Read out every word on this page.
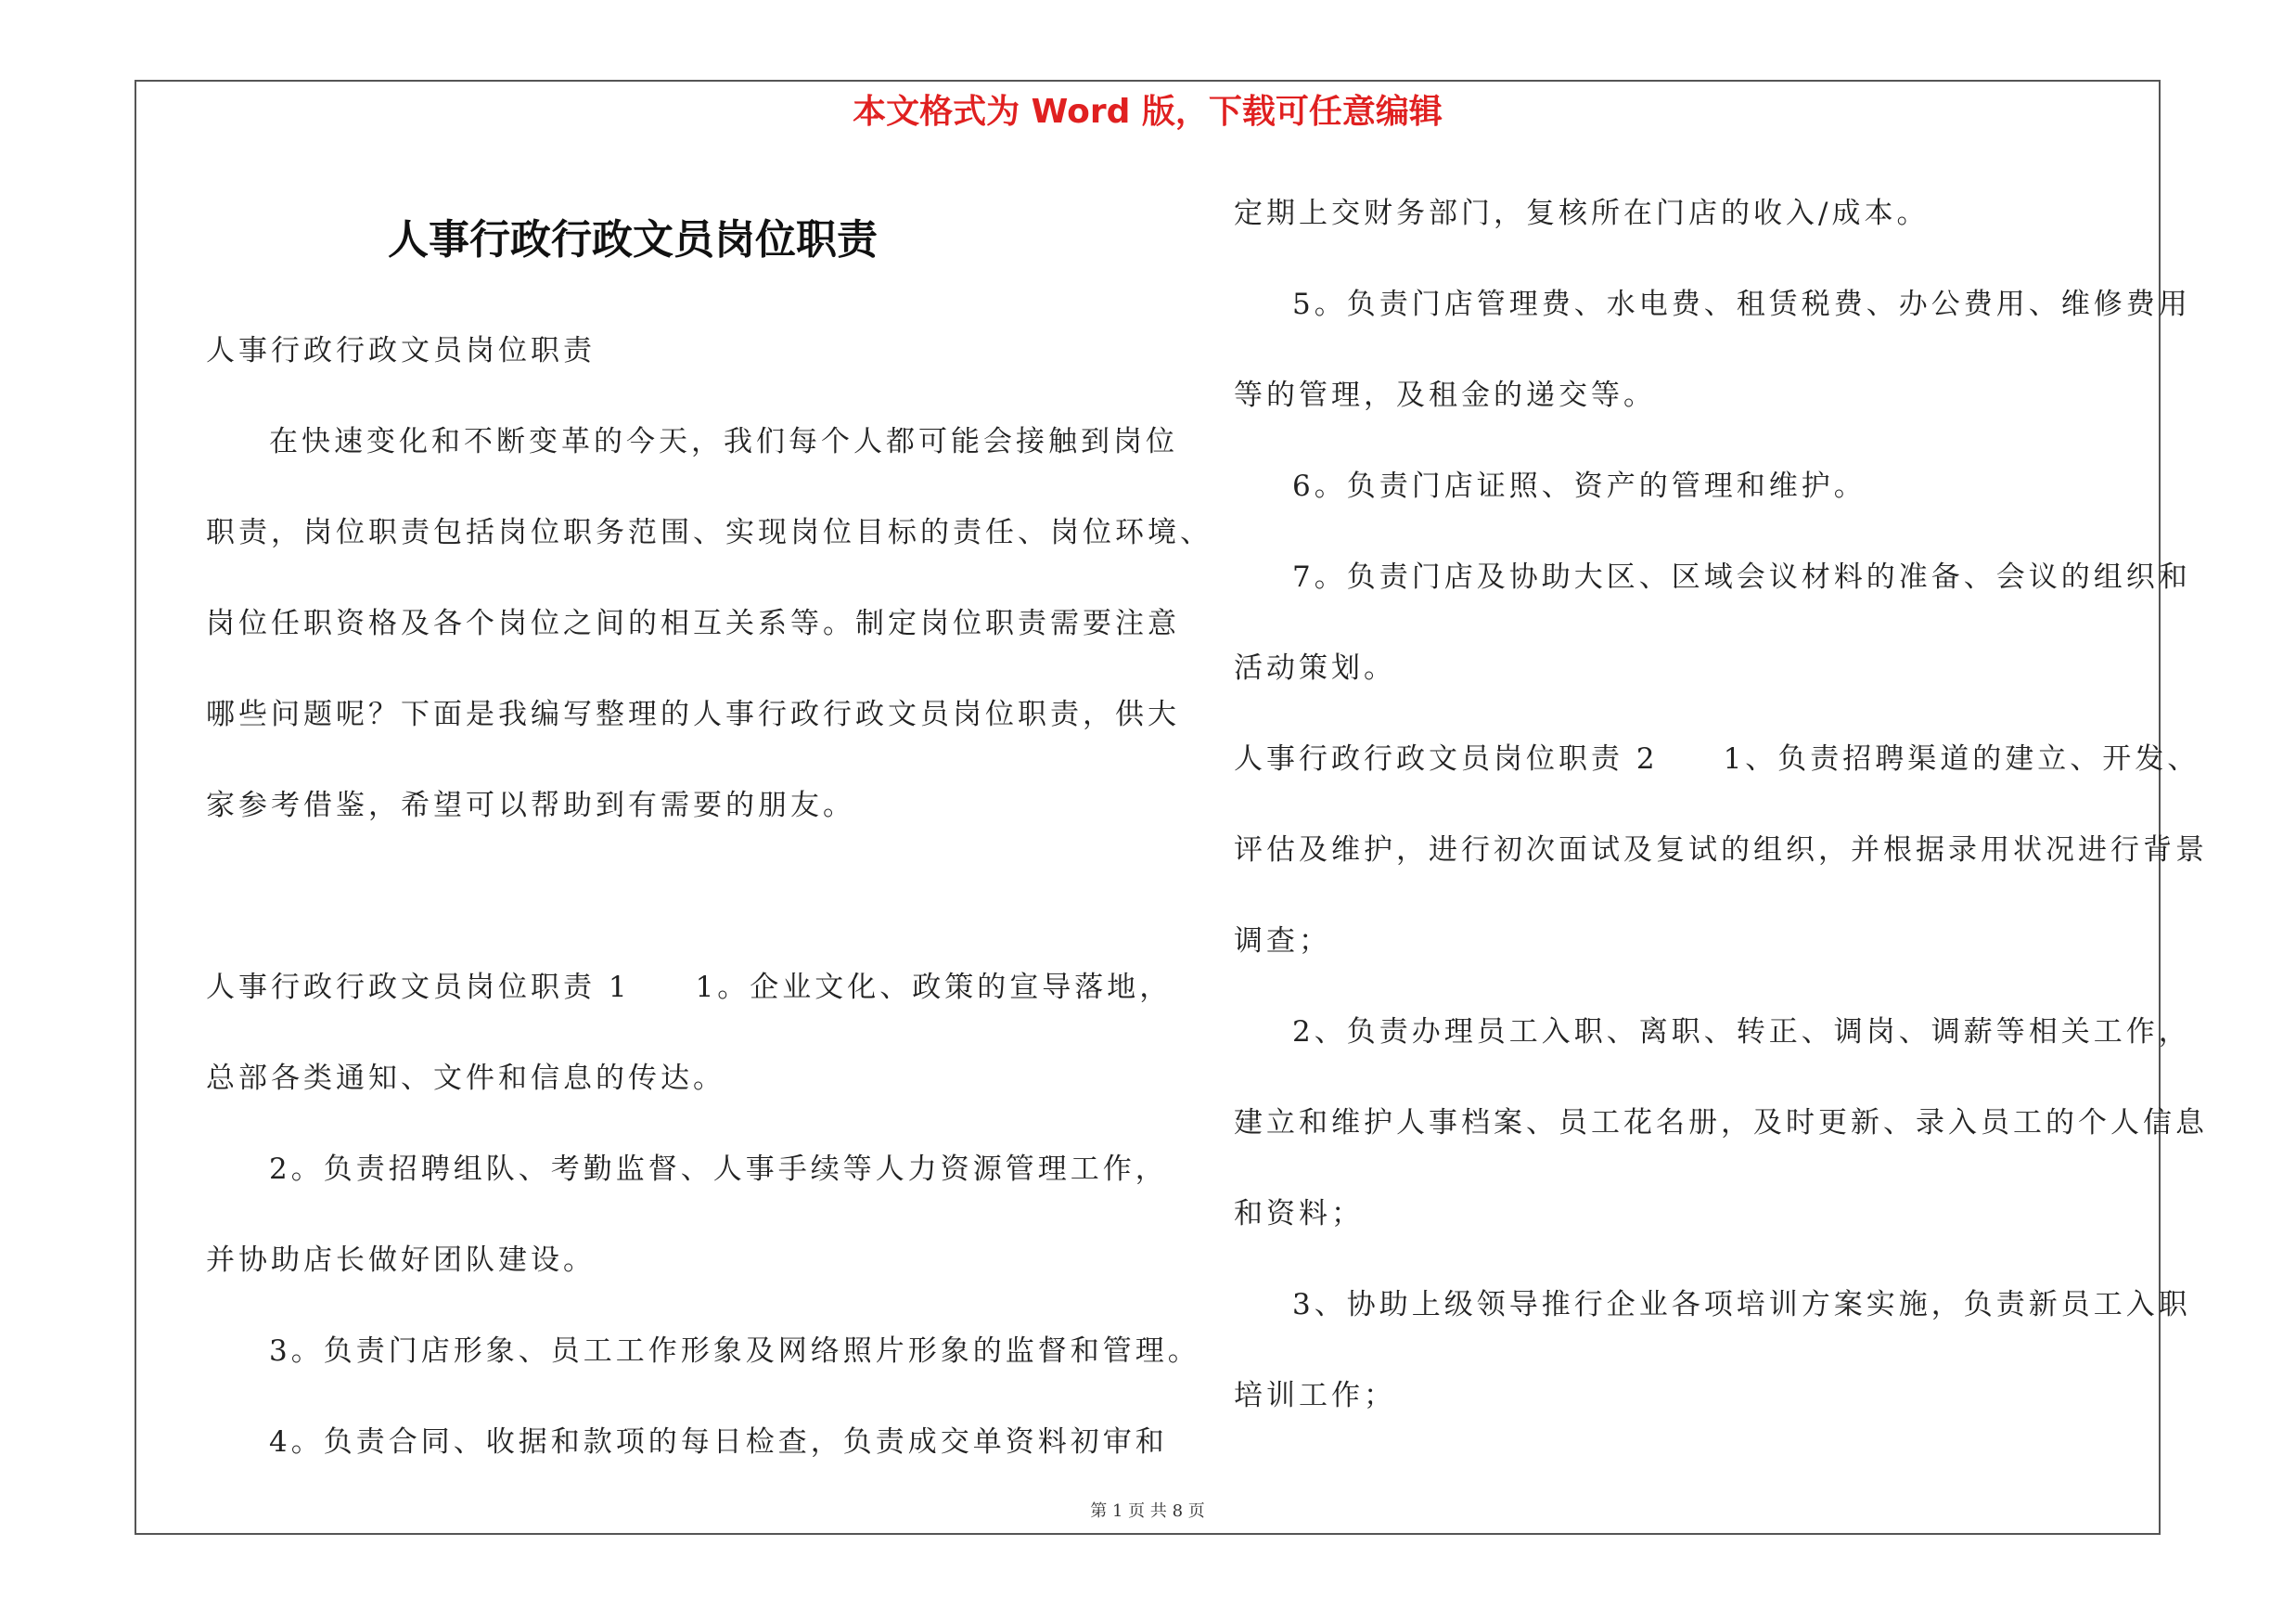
本文格式为 Word 版，下载可任意编辑
人事行政行政文员岗位职责
人事行政行政文员岗位职责
在快速变化和不断变革的今天，我们每个人都可能会接触到岗位
职责，岗位职责包括岗位职务范围、实现岗位目标的责任、岗位环境、
岗位任职资格及各个岗位之间的相互关系等。制定岗位职责需要注意
哪些问题呢？下面是我编写整理的人事行政行政文员岗位职责，供大
家参考借鉴，希望可以帮助到有需要的朋友。
人事行政行政文员岗位职责 1　　1。企业文化、政策的宣导落地，
总部各类通知、文件和信息的传达。
2。负责招聘组队、考勤监督、人事手续等人力资源管理工作，
并协助店长做好团队建设。
3。负责门店形象、员工工作形象及网络照片形象的监督和管理。
4。负责合同、收据和款项的每日检查，负责成交单资料初审和
定期上交财务部门，复核所在门店的收入/成本。
5。负责门店管理费、水电费、租赁税费、办公费用、维修费用
等的管理，及租金的递交等。
6。负责门店证照、资产的管理和维护。
7。负责门店及协助大区、区域会议材料的准备、会议的组织和
活动策划。
人事行政行政文员岗位职责 2　　1、负责招聘渠道的建立、开发、
评估及维护，进行初次面试及复试的组织，并根据录用状况进行背景
调查；
2、负责办理员工入职、离职、转正、调岗、调薪等相关工作，
建立和维护人事档案、员工花名册，及时更新、录入员工的个人信息
和资料；
3、协助上级领导推行企业各项培训方案实施，负责新员工入职
培训工作；
第 1 页 共 8 页
